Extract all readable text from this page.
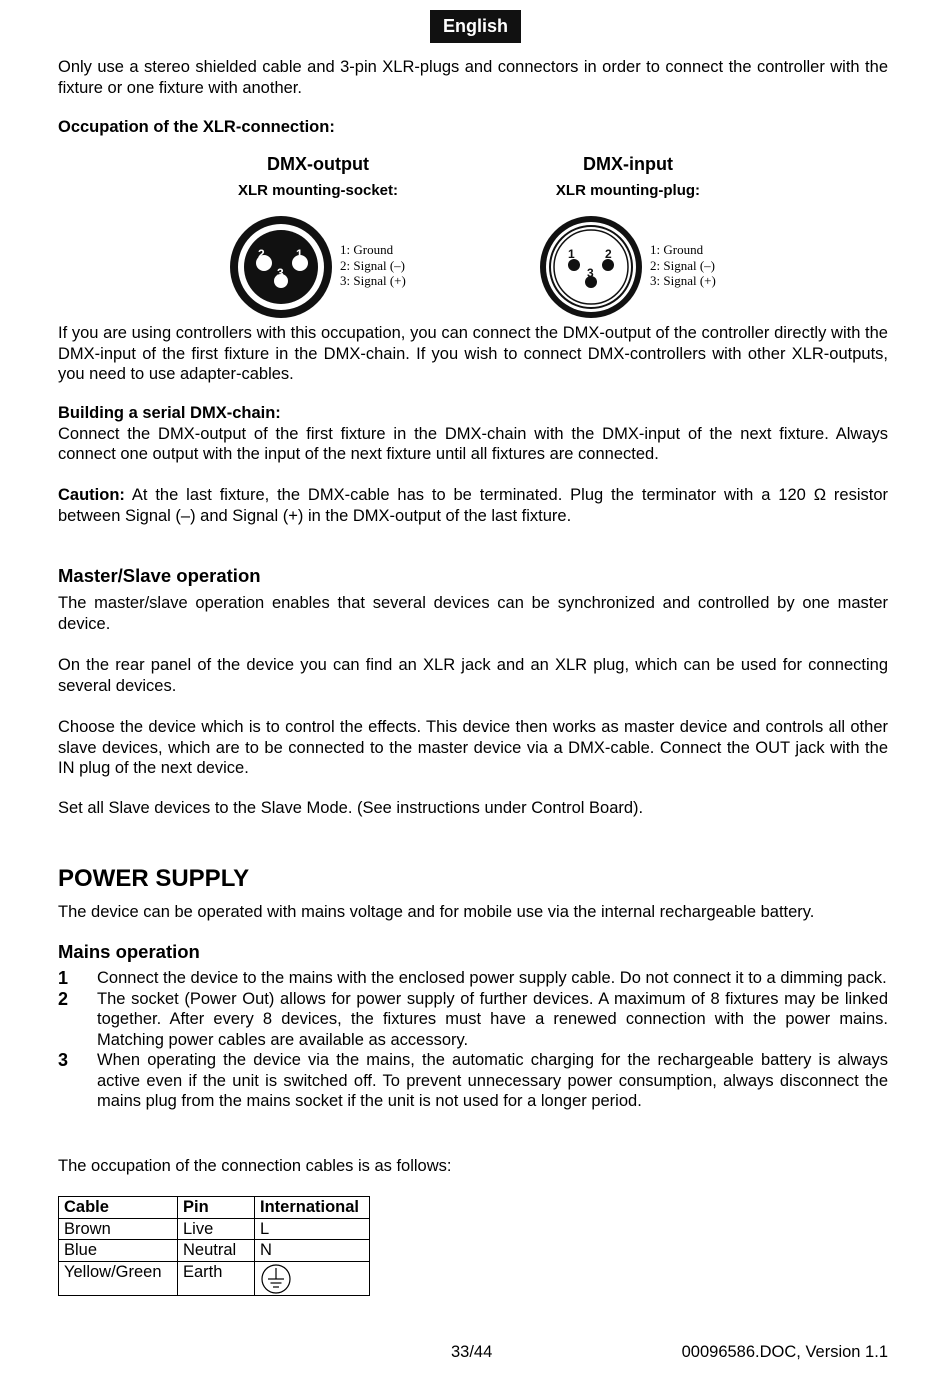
English

Only use a stereo shielded cable and 3-pin XLR-plugs and connectors in order to connect the controller with the fixture or one fixture with another.

Occupation of the XLR-connection:

DMX-output
XLR mounting-socket:
2	1
3
1: Ground
2: Signal (–)
3: Signal (+)
DMX-input
XLR mounting-plug:
1	2
3
1: Ground
2: Signal (–)
3: Signal (+)

If you are using controllers with this occupation, you can connect the DMX-output of the controller directly with the DMX-input of the first fixture in the DMX-chain. If you wish to connect DMX-controllers with other XLR-outputs, you need to use adapter-cables.

Building a serial DMX-chain:
Connect the DMX-output of the first fixture in the DMX-chain with the DMX-input of the next fixture. Always connect one output with the input of the next fixture until all fixtures are connected.

Caution: At the last fixture, the DMX-cable has to be terminated. Plug the terminator with a 120 Ω resistor between Signal (–) and Signal (+) in the DMX-output of the last fixture.

Master/Slave operation

The master/slave operation enables that several devices can be synchronized and controlled by one master device.

On the rear panel of the device you can find an XLR jack and an XLR plug, which can be used for connecting several devices.

Choose the device which is to control the effects. This device then works as master device and controls all other slave devices, which are to be connected to the master device via a DMX-cable. Connect the OUT jack with the IN plug of the next device.

Set all Slave devices to the Slave Mode. (See instructions under Control Board).

POWER SUPPLY

The device can be operated with mains voltage and for mobile use via the internal rechargeable battery.

Mains operation
1 Connect the device to the mains with the enclosed power supply cable. Do not connect it to a dimming pack.
2 The socket (Power Out) allows for power supply of further devices. A maximum of 8 fixtures may be linked together. After every 8 devices, the fixtures must have a renewed connection with the power mains. Matching power cables are available as accessory.
3 When operating the device via the mains, the automatic charging for the rechargeable battery is always active even if the unit is switched off. To prevent unnecessary power consumption, always disconnect the mains plug from the mains socket if the unit is not used for a longer period.

The occupation of the connection cables is as follows:

Cable	Pin	International
Brown	Live	L
Blue	Neutral	N
Yellow/Green	Earth	
33/44	00096586.DOC, Version 1.1
